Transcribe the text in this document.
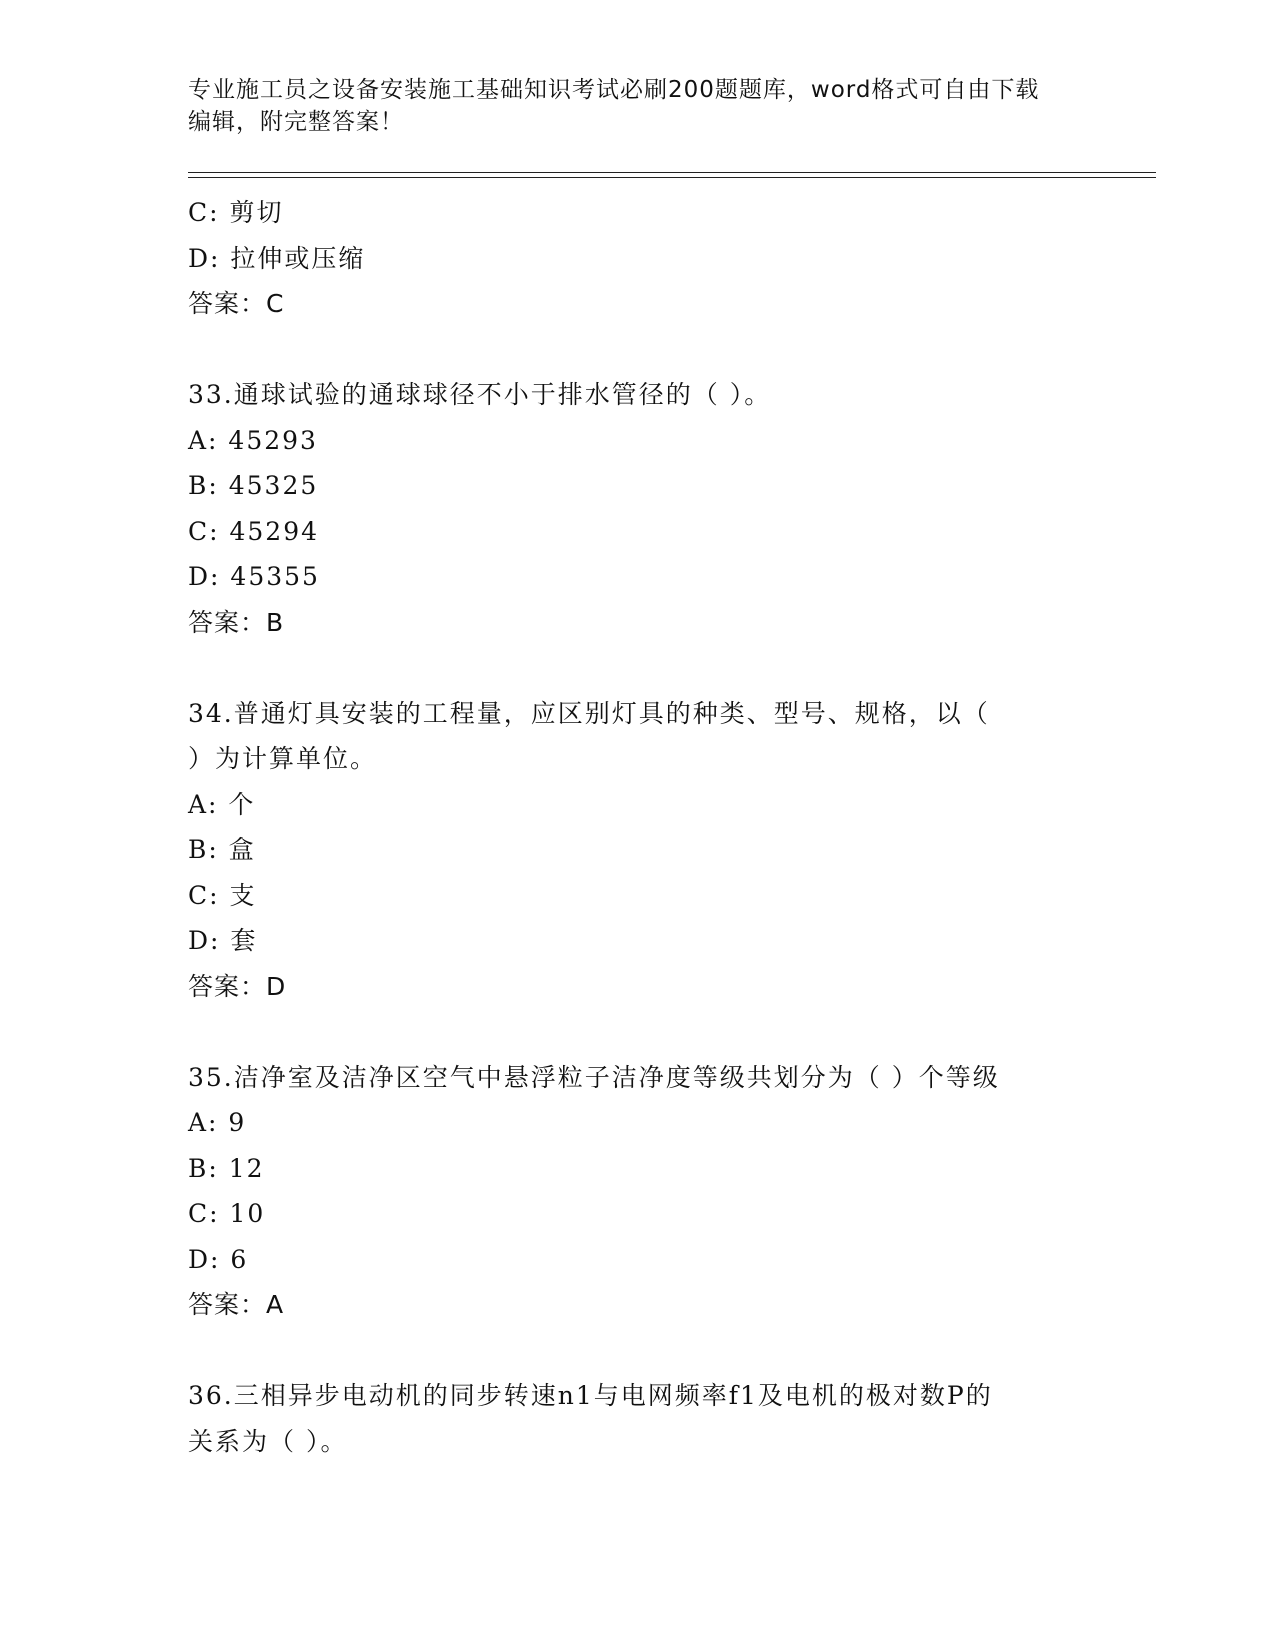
专业施工员之设备安装施工基础知识考试必刷200题题库，word格式可自由下载
编辑，附完整答案！
C: 剪切
D: 拉伸或压缩
答案：C
33.通球试验的通球球径不小于排水管径的（ ）。
A: 45293
B: 45325
C: 45294
D: 45355
答案：B
34.普通灯具安装的工程量，应区别灯具的种类、型号、规格，以（
）为计算单位。
A: 个
B: 盒
C: 支
D: 套
答案：D
35.洁净室及洁净区空气中悬浮粒子洁净度等级共划分为（ ）个等级
A: 9
B: 12
C: 10
D: 6
答案：A
36.三相异步电动机的同步转速n1与电网频率f1及电机的极对数P的
关系为（ ）。
